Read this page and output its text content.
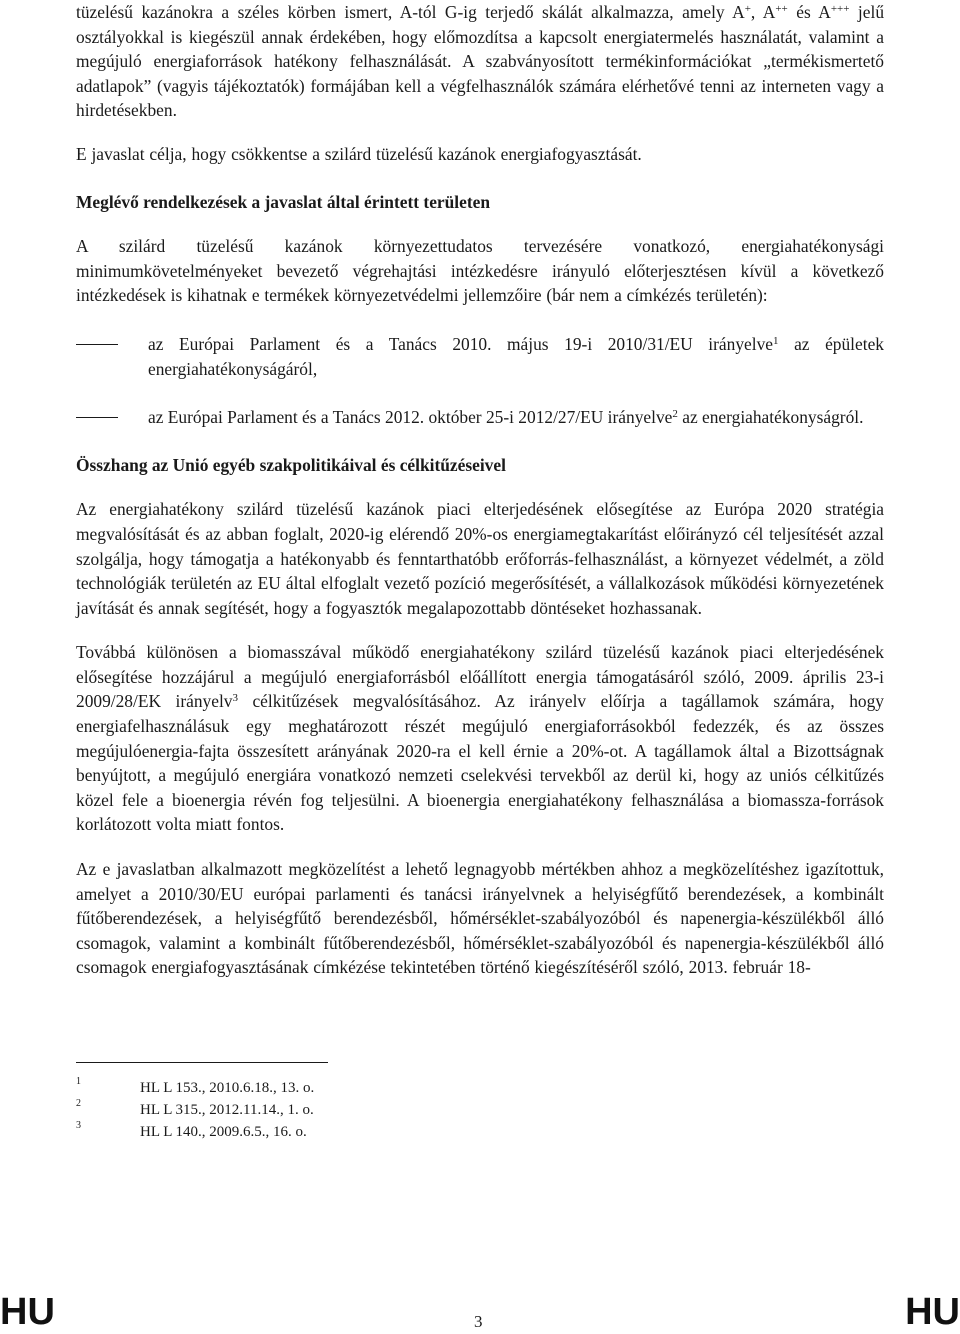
tüzelésű kazánokra a széles körben ismert, A-tól G-ig terjedő skálát alkalmazza, amely A+, A++ és A+++ jelű osztályokkal is kiegészül annak érdekében, hogy előmozdítsa a kapcsolt energiatermelés használatát, valamint a megújuló energiaforrások hatékony felhasználását. A szabványosított termékinformációkat „termékismertető adatlapok” (vagyis tájékoztatók) formájában kell a végfelhasználók számára elérhetővé tenni az interneten vagy a hirdetésekben.

E javaslat célja, hogy csökkentse a szilárd tüzelésű kazánok energiafogyasztását.

Meglévő rendelkezések a javaslat által érintett területen

A szilárd tüzelésű kazánok környezettudatos tervezésére vonatkozó, energiahatékonysági minimumkövetelményeket bevezető végrehajtási intézkedésre irányuló előterjesztésen kívül a következő intézkedések is kihatnak e termékek környezetvédelmi jellemzőire (bár nem a címkézés területén):

az Európai Parlament és a Tanács 2010. május 19-i 2010/31/EU irányelve$^1$ az épületek energiahatékonyságáról,
az Európai Parlament és a Tanács 2012. október 25-i 2012/27/EU irányelve$^2$ az energiahatékonyságról.
Összhang az Unió egyéb szakpolitikáival és célkitűzéseivel

Az energiahatékony szilárd tüzelésű kazánok piaci elterjedésének elősegítése az Európa 2020 stratégia megvalósítását és az abban foglalt, 2020-ig elérendő 20%-os energiamegtakarítást előirányzó cél teljesítését azzal szolgálja, hogy támogatja a hatékonyabb és fenntarthatóbb erőforrás-felhasználást, a környezet védelmét, a zöld technológiák területén az EU által elfoglalt vezető pozíció megerősítését, a vállalkozások működési környezetének javítását és annak segítését, hogy a fogyasztók megalapozottabb döntéseket hozhassanak.

Továbbá különösen a biomasszával működő energiahatékony szilárd tüzelésű kazánok piaci elterjedésének elősegítése hozzájárul a megújuló energiaforrásból előállított energia támogatásáról szóló, 2009. április 23-i 2009/28/EK irányelv$^3$ célkitűzések megvalósításához. Az irányelv előírja a tagállamok számára, hogy energiafelhasználásuk egy meghatározott részét megújuló energiaforrásokból fedezzék, és az összes megújulóenergia-fajta összesített arányának 2020-ra el kell érnie a 20%-ot. A tagállamok által a Bizottságnak benyújtott, a megújuló energiára vonatkozó nemzeti cselekvési tervekből az derül ki, hogy az uniós célkitűzés közel fele a bioenergia révén fog teljesülni. A bioenergia energiahatékony felhasználása a biomassza-források korlátozott volta miatt fontos.

Az e javaslatban alkalmazott megközelítést a lehető legnagyobb mértékben ahhoz a megközelítéshez igazítottuk, amelyet a 2010/30/EU európai parlamenti és tanácsi irányelvnek a helyiségfűtő berendezések, a kombinált fűtőberendezések, a helyiségfűtő berendezésből, hőmérséklet-szabályozóból és napenergia-készülékből álló csomagok, valamint a kombinált fűtőberendezésből, hőmérséklet-szabályozóból és napenergia-készülékből álló csomagok energiafogyasztásának címkézése tekintetében történő kiegészítéséről szóló, 2013. február 18-

1	HL L 153., 2010.6.18., 13. o.
2	HL L 315., 2012.11.14., 1. o.
3	HL L 140., 2009.6.5., 16. o.
HU	3	HU
